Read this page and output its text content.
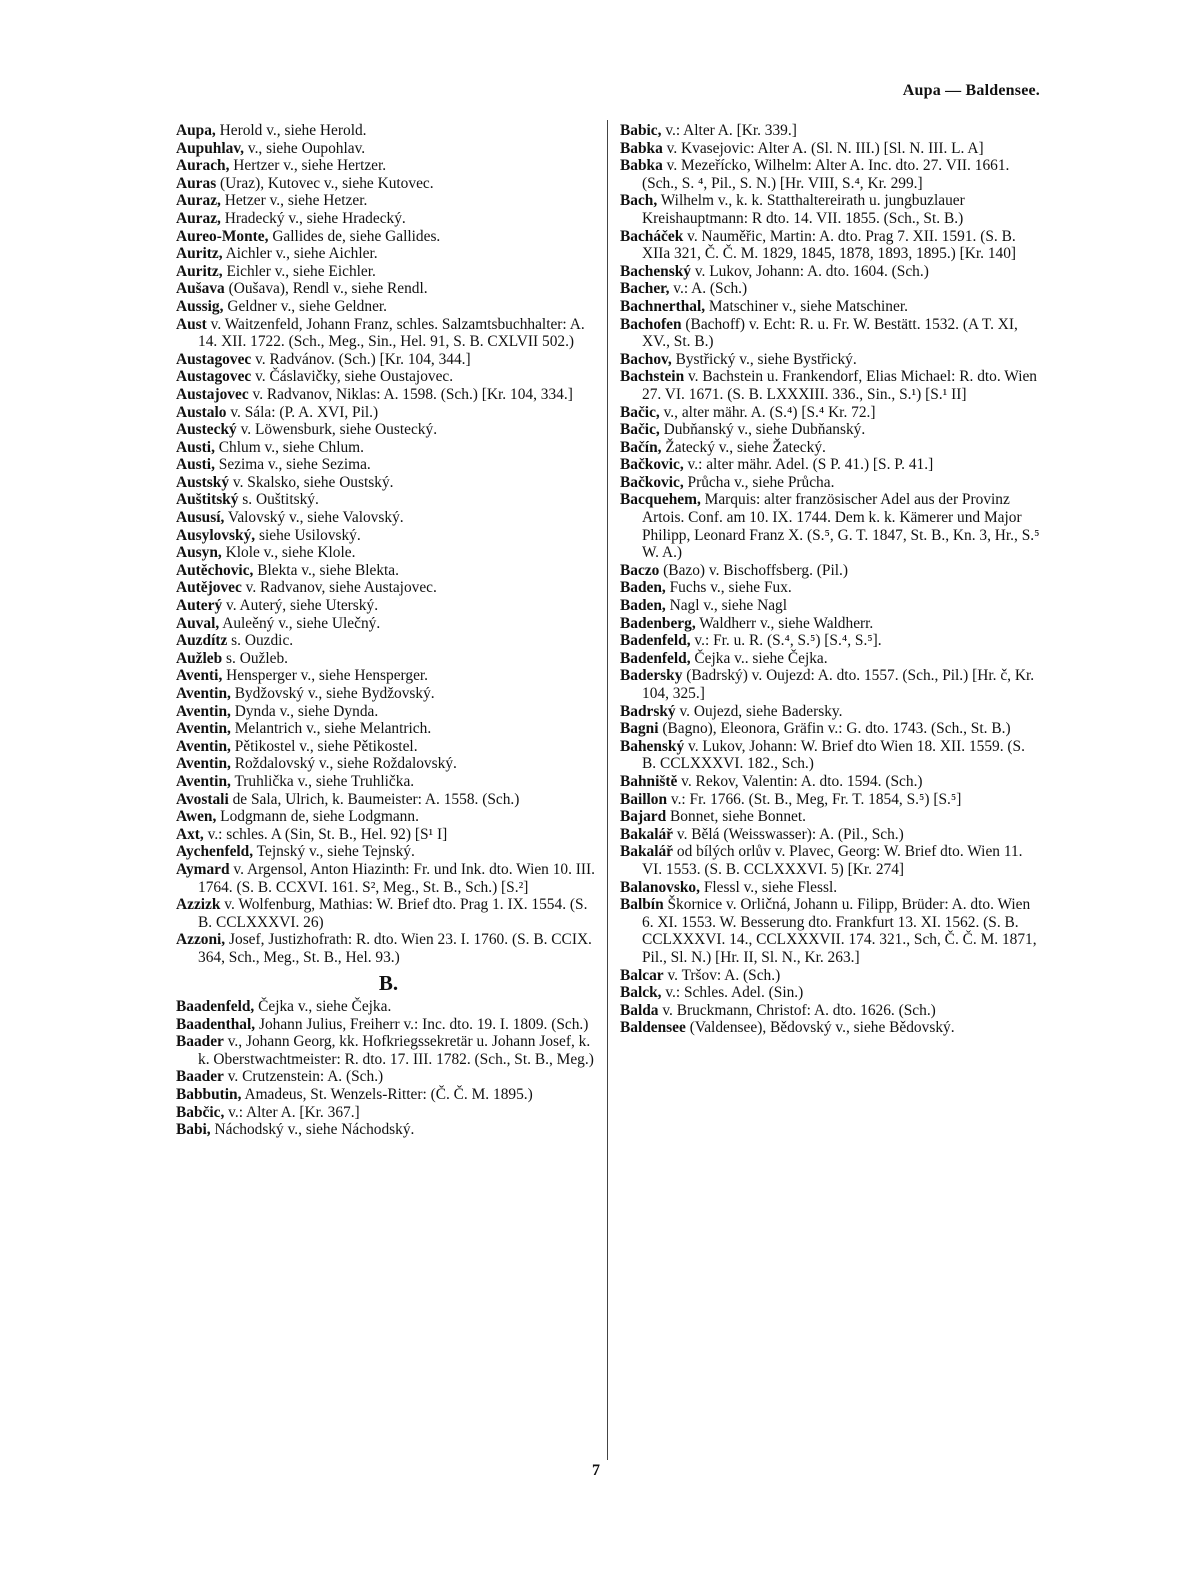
Aupa — Baldensee.
Aupa, Herold v., siehe Herold.
Aupuhlav, v., siehe Oupohlav.
Aurach, Hertzer v., siehe Hertzer.
Auras (Uraz), Kutovec v., siehe Kutovec.
Auraz, Hetzer v., siehe Hetzer.
Auraz, Hradecký v., siehe Hradecký.
Aureo-Monte, Gallides de, siehe Gallides.
Auritz, Aichler v., siehe Aichler.
Auritz, Eichler v., siehe Eichler.
Aušava (Oušava), Rendl v., siehe Rendl.
Aussig, Geldner v., siehe Geldner.
Aust v. Waitzenfeld, Johann Franz, schles. Salzamtsbuchhalter: A. 14. XII. 1722. (Sch., Meg., Sin., Hel. 91, S. B. CXLVII 502.)
Austagovec v. Radvánov. (Sch.) [Kr. 104, 344.]
Austagovec v. Čáslavičky, siehe Oustajovec.
Austajovec v. Radvanov, Niklas: A. 1598. (Sch.) [Kr. 104, 334.]
Austalo v. Sála: (P. A. XVI, Pil.)
Austecký v. Löwensburk, siehe Oustecký.
Austi, Chlum v., siehe Chlum.
Austi, Sezima v., siehe Sezima.
Austský v. Skalsko, siehe Oustský.
Auštitský s. Ouštitský.
Aususí, Valovský v., siehe Valovský.
Ausylovský, siehe Usilovský.
Ausyn, Klole v., siehe Klole.
Autěchovic, Blekta v., siehe Blekta.
Autějovec v. Radvanov, siehe Austajovec.
Auterý v. Auterý, siehe Uterský.
Auval, Auleěný v., siehe Ulečný.
Auzdítz s. Ouzdic.
Aužleb s. Oužleb.
Aventi, Hensperger v., siehe Hensperger.
Aventin, Bydžovský v., siehe Bydžovský.
Aventin, Dynda v., siehe Dynda.
Aventin, Melantrich v., siehe Melantrich.
Aventin, Pětikostel v., siehe Pětikostel.
Aventin, Roždalovský v., siehe Roždalovský.
Aventin, Truhlička v., siehe Truhlička.
Avostali de Sala, Ulrich, k. Baumeister: A. 1558. (Sch.)
Awen, Lodgmann de, siehe Lodgmann.
Axt, v.: schles. A (Sin, St. B., Hel. 92) [S¹ I]
Aychenfeld, Tejnský v., siehe Tejnský.
Aymard v. Argensol, Anton Hiazinth: Fr. und Ink. dto. Wien 10. III. 1764. (S. B. CCXVI. 161. S², Meg., St. B., Sch.) [S.²]
Azzizk v. Wolfenburg, Mathias: W. Brief dto. Prag 1. IX. 1554. (S. B. CCLXXXVI. 26)
Azzoni, Josef, Justizhofrath: R. dto. Wien 23. I. 1760. (S. B. CCIX. 364, Sch., Meg., St. B., Hel. 93.)
B.
Baadenfeld, Čejka v., siehe Čejka.
Baadenthal, Johann Julius, Freiherr v.: Inc. dto. 19. I. 1809. (Sch.)
Baader v., Johann Georg, kk. Hofkriegssekretär u. Johann Josef, k. k. Oberstwachtmeister: R. dto. 17. III. 1782. (Sch., St. B., Meg.)
Baader v. Crutzenstein: A. (Sch.)
Babbutin, Amadeus, St. Wenzels-Ritter: (Č. Č. M. 1895.)
Babčic, v.: Alter A. [Kr. 367.]
Babi, Náchodský v., siehe Náchodský.
Babic, v.: Alter A. [Kr. 339.]
Babka v. Kvasejovic: Alter A. (Sl. N. III.) [Sl. N. III. L. A]
Babka v. Mezeřícko, Wilhelm: Alter A. Inc. dto. 27. VII. 1661. (Sch., S. ⁴, Pil., S. N.) [Hr. VIII, S.⁴, Kr. 299.]
Bach, Wilhelm v., k. k. Statthaltereirath u. jungbuzlauer Kreishauptmann: R dto. 14. VII. 1855. (Sch., St. B.)
Bacháček v. Nauměřic, Martin: A. dto. Prag 7. XII. 1591. (S. B. XIIa 321, Č. Č. M. 1829, 1845, 1878, 1893, 1895.) [Kr. 140]
Bachenský v. Lukov, Johann: A. dto. 1604. (Sch.)
Bacher, v.: A. (Sch.)
Bachnerthal, Matschiner v., siehe Matschiner.
Bachofen (Bachoff) v. Echt: R. u. Fr. W. Bestätt. 1532. (A T. XI, XV., St. B.)
Bachov, Bystřický v., siehe Bystřický.
Bachstein v. Bachstein u. Frankendorf, Elias Michael: R. dto. Wien 27. VI. 1671. (S. B. LXXXIII. 336., Sin., S.¹) [S.¹ II]
Bačic, v., alter mähr. A. (S.⁴) [S.⁴ Kr. 72.]
Bačic, Dubňanský v., siehe Dubňanský.
Bačín, Žatecký v., siehe Žatecký.
Bačkovic, v.: alter mähr. Adel. (S P. 41.) [S. P. 41.]
Bačkovic, Průcha v., siehe Průcha.
Bacquehem, Marquis: alter französischer Adel aus der Provinz Artois. Conf. am 10. IX. 1744. Dem k. k. Kämerer und Major Philipp, Leonard Franz X. (S.⁵, G. T. 1847, St. B., Kn. 3, Hr., S.⁵ W. A.)
Baczo (Bazo) v. Bischoffsberg. (Pil.)
Baden, Fuchs v., siehe Fux.
Baden, Nagl v., siehe Nagl
Badenberg, Waldherr v., siehe Waldherr.
Badenfeld, v.: Fr. u. R. (S.⁴, S.⁵) [S.⁴, S.⁵].
Badenfeld, Čejka v.. siehe Čejka.
Badersky (Badrský) v. Oujezd: A. dto. 1557. (Sch., Pil.) [Hr. č, Kr. 104, 325.]
Badrský v. Oujezd, siehe Badersky.
Bagni (Bagno), Eleonora, Gräfin v.: G. dto. 1743. (Sch., St. B.)
Bahenský v. Lukov, Johann: W. Brief dto Wien 18. XII. 1559. (S. B. CCLXXXVI. 182., Sch.)
Bahniště v. Rekov, Valentin: A. dto. 1594. (Sch.)
Baillon v.: Fr. 1766. (St. B., Meg, Fr. T. 1854, S.⁵) [S.⁵]
Bajard Bonnet, siehe Bonnet.
Bakalář v. Bělá (Weisswasser): A. (Pil., Sch.)
Bakalář od bílých orlův v. Plavec, Georg: W. Brief dto. Wien 11. VI. 1553. (S. B. CCLXXXVI. 5) [Kr. 274]
Balanovsko, Flessl v., siehe Flessl.
Balbín Škornice v. Orličná, Johann u. Filipp, Brüder: A. dto. Wien 6. XI. 1553. W. Besserung dto. Frankfurt 13. XI. 1562. (S. B. CCLXXXVI. 14., CCLXXXVII. 174. 321., Sch, Č. Č. M. 1871, Pil., Sl. N.) [Hr. II, Sl. N., Kr. 263.]
Balcar v. Tršov: A. (Sch.)
Balck, v.: Schles. Adel. (Sin.)
Balda v. Bruckmann, Christof: A. dto. 1626. (Sch.)
Baldensee (Valdensee), Bědovský v., siehe Bědovský.
7
